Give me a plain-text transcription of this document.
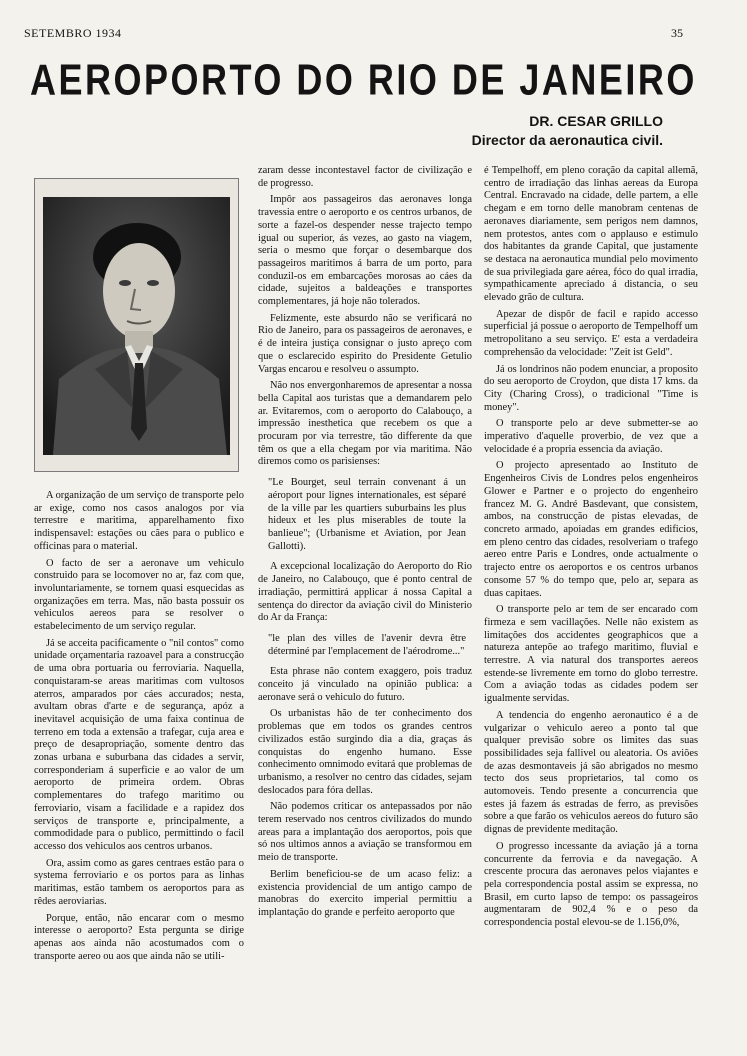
SETEMBRO 1934	35
AEROPORTO DO RIO DE JANEIRO
DR. CESAR GRILLO
Director da aeronautica civil.

A organização de um serviço de transporte pelo ar exige, como nos casos analogos por via terrestre e maritima, apparelhamento fixo indispensavel: estações ou cães para o publico e officinas para o material.

O facto de ser a aeronave um vehiculo construido para se locomover no ar, faz com que, involuntariamente, se tornem quasi esquecidas as organizações em terra. Mas, não basta possuir os vehiculos aereos para se resolver o estabelecimento de um serviço regular.

Já se acceita pacificamente o "nil contos" como unidade orçamentaria razoavel para a construcção de uma obra portuaria ou ferroviaria. Naquella, conquistaram-se areas maritimas com vultosos aterros, amparados por cáes accurados; nesta, avultam obras d'arte e de segurança, apóz a inevitavel acquisição de uma faixa continua de terreno em toda a extensão a trafegar, cuja area e preço de desapropriação, somente dentro das zonas urbana e suburbana das cidades a servir, corresponderiam á superficie e ao valor de um aeroporto de primeira ordem. Obras complementares do trafego maritimo ou ferroviario, visam a facilidade e a rapidez dos serviços de transporte e, principalmente, a commodidade para o publico, permittindo o facil accesso dos vehiculos aos centros urbanos.

Ora, assim como as gares centraes estão para o systema ferroviario e os portos para as linhas maritimas, estão tambem os aeroportos para as rêdes aeroviarias.

Porque, então, não encarar com o mesmo interesse o aeroporto? Esta pergunta se dirige apenas aos ainda não acostumados com o transporte aereo ou aos que ainda não se utili-

zaram desse incontestavel factor de civilização e de progresso.

Impôr aos passageiros das aeronaves longa travessia entre o aeroporto e os centros urbanos, de sorte a fazel-os despender nesse trajecto tempo igual ou superior, ás vezes, ao gasto na viagem, seria o mesmo que forçar o desembarque dos passageiros maritimos á barra de um porto, para conduzil-os em embarcações morosas ao cáes da cidade, sujeitos a baldeações e transportes complementares, já hoje não tolerados.

Felizmente, este absurdo não se verificará no Rio de Janeiro, para os passageiros de aeronaves, e é de inteira justiça consignar o justo apreço com que o esclarecido espirito do Presidente Getulio Vargas encarou e resolveu o assumpto.

Não nos envergonharemos de apresentar a nossa bella Capital aos turistas que a demandarem pelo ar. Evitaremos, com o aeroporto do Calabouço, a impressão inesthetica que recebem os que a procuram por via terrestre, tão differente da que têm os que a ella chegam por via maritima. Não diremos como os parisienses:

"Le Bourget, seul terrain convenant á un aéroport pour lignes internationales, est séparé de la ville par les quartiers suburbains les plus hideux et les plus miserables de toute la banlieue"; (Urbanisme et Aviation, por Jean Gallotti).

A excepcional localização do Aeroporto do Rio de Janeiro, no Calabouço, que é ponto central de irradiação, permittirá applicar á nossa Capital a sentença do director da aviação civil do Ministerio do Ar da França:

"le plan des villes de l'avenir devra être déterminé par l'emplacement de l'aérodrome..."

Esta phrase não contem exaggero, pois traduz conceito já vinculado na opinião publica: a aeronave será o vehiculo do futuro.

Os urbanistas hão de ter conhecimento dos problemas que em todos os grandes centros civilizados estão surgindo dia a dia, graças ás conquistas do engenho humano. Esse conhecimento omnimodo evitará que problemas de urbanismo, a resolver no centro das cidades, sejam deslocados para fóra dellas.

Não podemos criticar os antepassados por não terem reservado nos centros civilizados do mundo areas para a implantação dos aeroportos, pois que só nos ultimos annos a aviação se transformou em meio de transporte.

Berlim beneficiou-se de um acaso feliz: a existencia providencial de um antigo campo de manobras do exercito imperial permittiu a implantação do grande e perfeito aeroporto que

é Tempelhoff, em pleno coração da capital allemã, centro de irradiação das linhas aereas da Europa Central. Encravado na cidade, delle partem, a elle chegam e em torno delle manobram centenas de aeronaves diariamente, sem perigos nem damnos, nem protestos, antes com o applauso e estimulo dos habitantes da grande Capital, que justamente se destaca na aeronautica mundial pelo movimento de sua privilegiada gare aérea, fóco do qual irradia, sympathicamente apreciado á distancia, o seu elevado grão de cultura.

Apezar de dispôr de facil e rapido accesso superficial já possue o aeroporto de Tempelhoff um metropolitano a seu serviço. E' esta a verdadeira comprehensão da velocidade: "Zeit ist Geld".

Já os londrinos não podem enunciar, a proposito do seu aeroporto de Croydon, que dista 17 kms. da City (Charing Cross), o tradicional "Time is money".

O transporte pelo ar deve submetter-se ao imperativo d'aquelle proverbio, de vez que a velocidade é a propria essencia da aviação.

O projecto apresentado ao Instituto de Engenheiros Civis de Londres pelos engenheiros Glower e Partner e o projecto do engenheiro francez M. G. André Basdevant, que consistem, ambos, na construcção de pistas elevadas, de concreto armado, apoiadas em grandes edificios, em pleno centro das cidades, resolveriam o trafego aereo entre Paris e Londres, onde actualmente o trajecto entre os aeroportos e os centros urbanos consome 57 % do tempo que, pelo ar, separa as duas capitaes.

O transporte pelo ar tem de ser encarado com firmeza e sem vacillações. Nelle não existem as limitações dos accidentes geographicos que a natureza antepõe ao trafego maritimo, fluvial e terrestre. A via natural dos transportes aereos estende-se livremente em torno do globo terrestre. Com a aviação todas as cidades podem ser igualmente servidas.

A tendencia do engenho aeronautico é a de vulgarizar o vehiculo aereo a ponto tal que qualquer previsão sobre os limites das suas possibilidades seja fallivel ou aleatoria. Os aviões de azas desmontaveis já são abrigados no mesmo tecto dos seus proprietarios, tal como os automoveis. Tendo presente a concurrencia que estes já fazem ás estradas de ferro, as previsões sobre a que farão os vehiculos aereos do futuro são dignas de previdente meditação.

O progresso incessante da aviação já a torna concurrente da ferrovia e da navegação. A crescente procura das aeronaves pelos viajantes e pela correspondencia postal assim se expressa, no Brasil, em curto lapso de tempo: os passageiros augmentaram de 902,4 % e o peso da correspondencia postal elevou-se de 1.156,0%,
